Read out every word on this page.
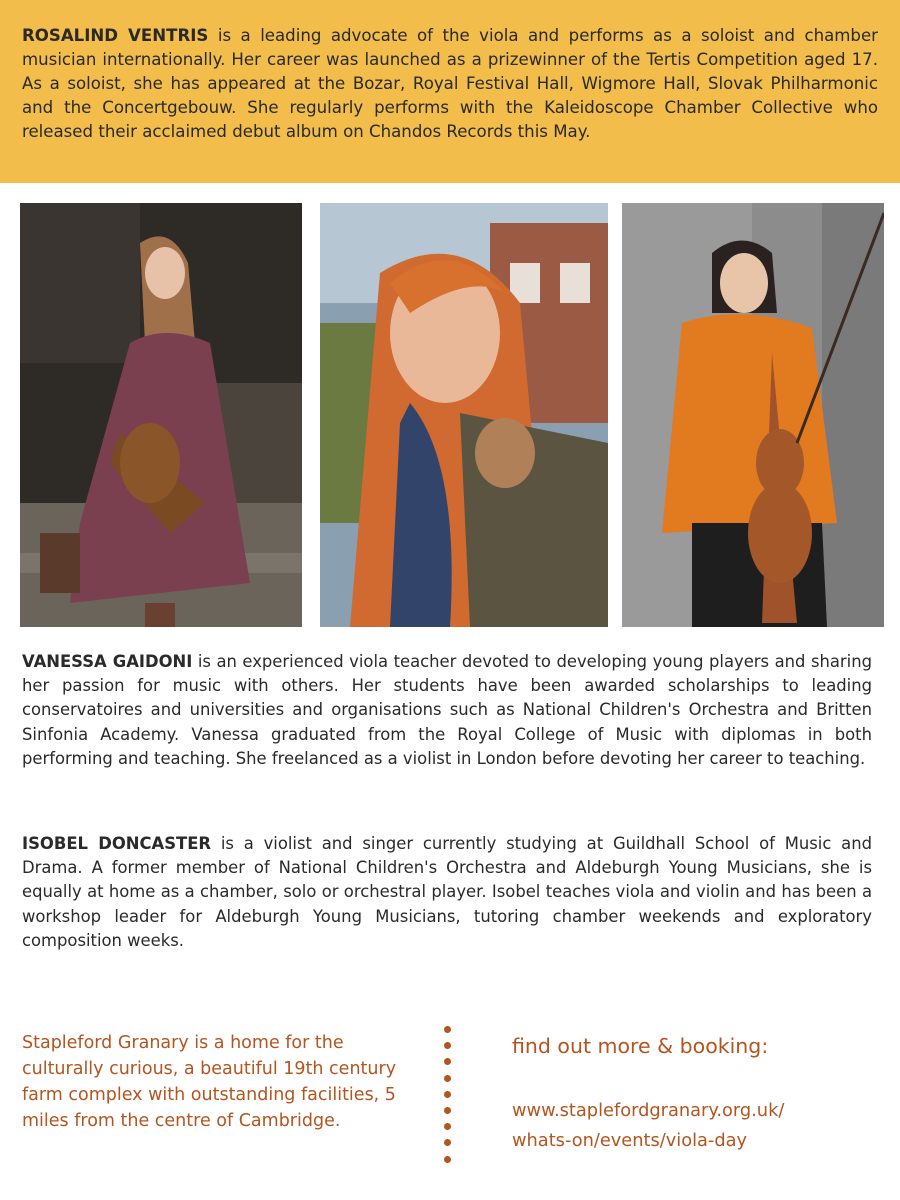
ROSALIND VENTRIS is a leading advocate of the viola and performs as a soloist and chamber musician internationally. Her career was launched as a prizewinner of the Tertis Competition aged 17. As a soloist, she has appeared at the Bozar, Royal Festival Hall, Wigmore Hall, Slovak Philharmonic and the Concertgebouw. She regularly performs with the Kaleidoscope Chamber Collective who released their acclaimed debut album on Chandos Records this May.

VANESSA GAIDONI is an experienced viola teacher devoted to developing young players and sharing her passion for music with others. Her students have been awarded scholarships to leading conservatoires and universities and organisations such as National Children's Orchestra and Britten Sinfonia Academy. Vanessa graduated from the Royal College of Music with diplomas in both performing and teaching. She freelanced as a violist in London before devoting her career to teaching.

ISOBEL DONCASTER is a violist and singer currently studying at Guildhall School of Music and Drama. A former member of National Children's Orchestra and Aldeburgh Young Musicians, she is equally at home as a chamber, solo or orchestral player. Isobel teaches viola and violin and has been a workshop leader for Aldeburgh Young Musicians, tutoring chamber weekends and exploratory composition weeks.

Stapleford Granary is a home for the culturally curious, a beautiful 19th century farm complex with outstanding facilities, 5 miles from the centre of Cambridge.

find out more & booking:

www.staplefordgranary.org.uk/
whats-on/events/viola-day
